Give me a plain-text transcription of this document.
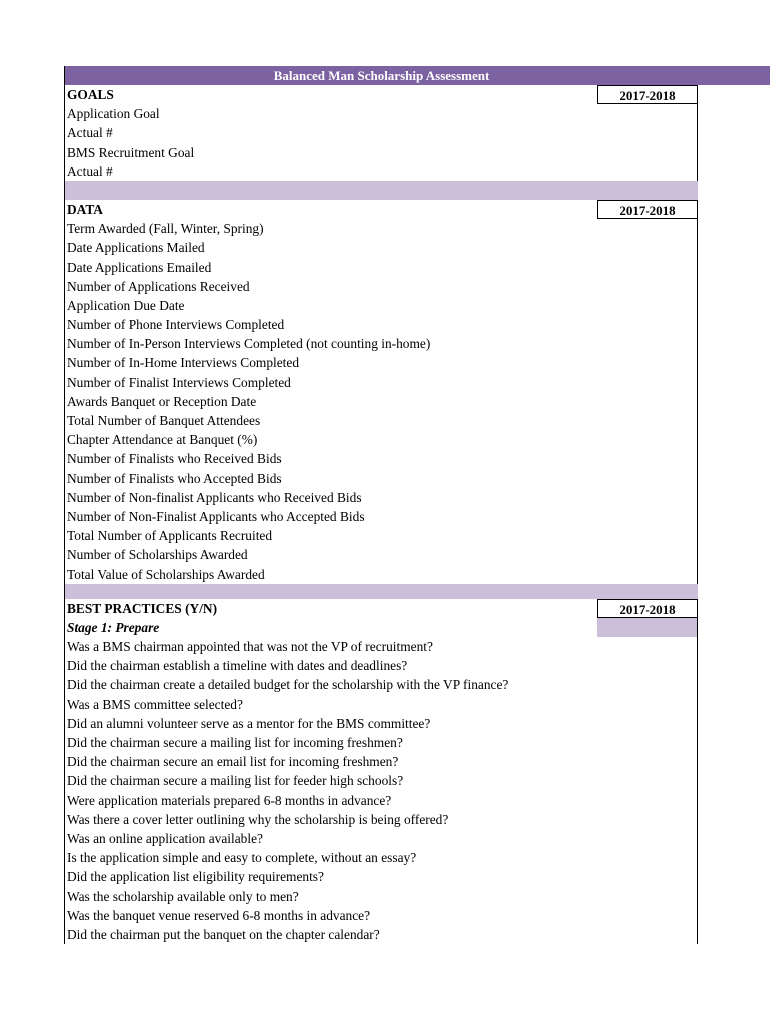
Balanced Man Scholarship Assessment
GOALS	2017-2018
Application Goal
Actual #
BMS Recruitment Goal
Actual #
DATA	2017-2018
Term Awarded (Fall, Winter, Spring)
Date Applications Mailed
Date Applications Emailed
Number of Applications Received
Application Due Date
Number of Phone Interviews Completed
Number of In-Person Interviews Completed (not counting in-home)
Number of In-Home Interviews Completed
Number of Finalist Interviews Completed
Awards Banquet or Reception Date
Total Number of Banquet Attendees
Chapter Attendance at Banquet (%)
Number of Finalists who Received Bids
Number of Finalists who Accepted Bids
Number of Non-finalist Applicants who Received Bids
Number of Non-Finalist Applicants who Accepted Bids
Total Number of Applicants Recruited
Number of Scholarships Awarded
Total Value of Scholarships Awarded
BEST PRACTICES (Y/N)	2017-2018
Stage 1: Prepare
Was a BMS chairman appointed that was not the VP of recruitment?
Did the chairman establish a timeline with dates and deadlines?
Did the chairman create a detailed budget for the scholarship with the VP finance?
Was a BMS committee selected?
Did an alumni volunteer serve as a mentor for the BMS committee?
Did the chairman secure a mailing list for incoming freshmen?
Did the chairman secure an email list for incoming freshmen?
Did the chairman secure a mailing list for feeder high schools?
Were application materials prepared 6-8 months in advance?
Was there a cover letter outlining why the scholarship is being offered?
Was an online application available?
Is the application simple and easy to complete, without an essay?
Did the application list eligibility requirements?
Was the scholarship available only to men?
Was the banquet venue reserved 6-8 months in advance?
Did the chairman put the banquet on the chapter calendar?
